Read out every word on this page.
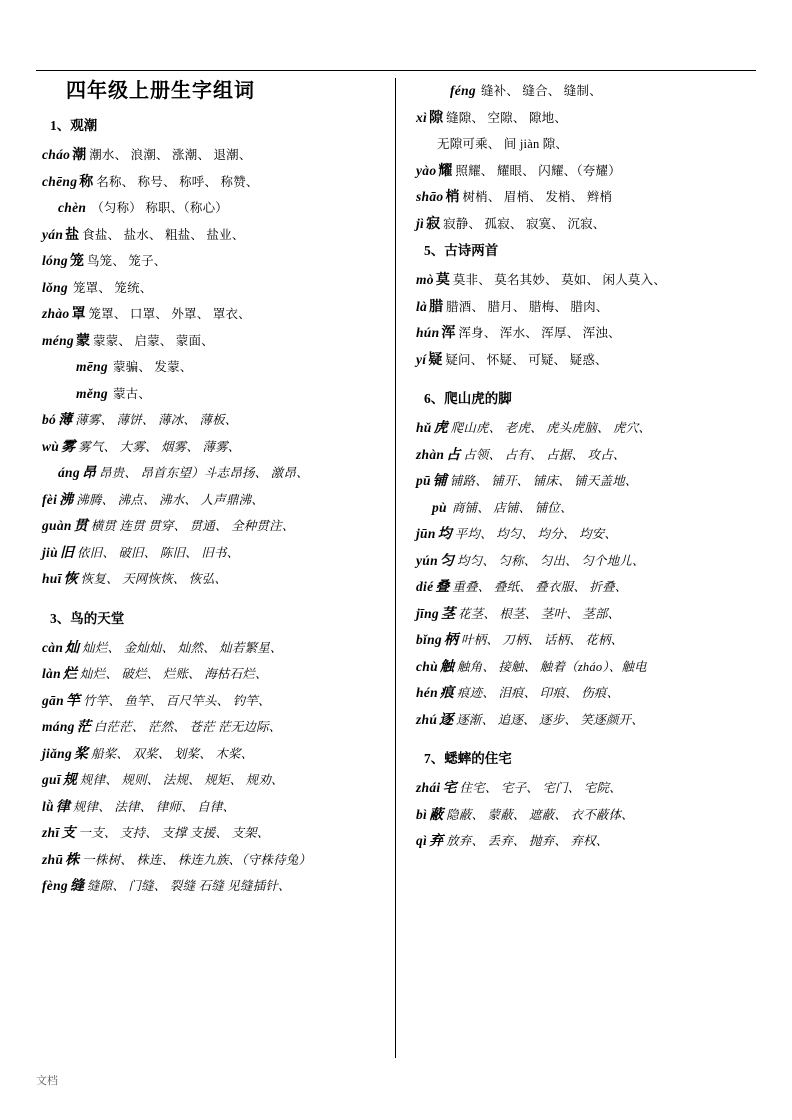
四年级上册生字组词
1、观潮
cháo 潮 潮水、 浪潮、 涨潮、 退潮、
chēng 称 名称、 称号、 称呼、 称赞、
chèn （匀称） 称职、（称心）
yán 盐 食盐、 盐水、 粗盐、 盐业、
lóng 笼 鸟笼、 笼子、
lǒng 笼罩、 笼统、
zhào 罩 笼罩、 口罩、 外罩、 罩衣、
méng 蒙 蒙蒙、 启蒙、 蒙面、
mēng 蒙骗、 发蒙、
měng 蒙古、
bó 薄 薄雾、 薄饼、 薄冰、 薄板、
wù 雾 雾气、 大雾、 烟雾、 薄雾、
áng 昂 昂贵、 昂首东望）斗志昂扬、 激昂、
fèi 沸 沸腾、 沸点、 沸水、 人声鼎沸、
guàn 贯 横贯 连贯 贯穿、 贯通、 全种贯注、
jiù 旧 依旧、 破旧、 陈旧、 旧书、
huī 恢 恢复、 天网恢恢、 恢弘、
3、鸟的天堂
càn 灿 灿烂、 金灿灿、 灿然、 灿若繁星、
làn 烂 灿烂、 破烂、 烂账、 海枯石烂、
gān 竿 竹竿、 鱼竿、 百尺竿头、 钓竿、
máng 茫 白茫茫、 茫然、 苍茫 茫无边际、
jiǎng 桨 船桨、 双桨、 划桨、 木桨、
guī 规 规律、 规则、 法规、 规矩、 规劝、
lǜ 律 规律、 法律、 律师、 自律、
zhī 支 一支、 支持、 支撑 支援、 支架、
zhū 株 一株树、 株连、 株连九族、（守株待兔）
fèng 缝 缝隙、 门缝、 裂缝 石缝 见缝插针、
féng 缝补、 缝合、 缝制、
xì 隙 缝隙、 空隙、 隙地、
无隙可乘、 间 jiàn 隙、
yào 耀 照耀、 耀眼、 闪耀、（夸耀）
shāo 梢 树梢、 眉梢、 发梢、 辫梢
jì 寂 寂静、 孤寂、 寂寞、 沉寂、
5、古诗两首
mò 莫 莫非、 莫名其妙、 莫如、 闲人莫入、
là 腊 腊酒、 腊月、 腊梅、 腊肉、
hún 浑 浑身、 浑水、 浑厚、 浑浊、
yí 疑 疑问、 怀疑、 可疑、 疑惑、
6、爬山虎的脚
hǔ 虎 爬山虎、 老虎、 虎头虎脑、 虎穴、
zhàn 占 占领、 占有、 占据、 攻占、
pū 铺 铺路、 铺开、 铺床、 铺天盖地、
pù 商铺、 店铺、 铺位、
jūn 均 平均、 均匀、 均分、 均安、
yún 匀 均匀、 匀称、 匀出、 匀个地儿、
dié 叠 重叠、 叠纸、 叠衣服、 折叠、
jīng 茎 花茎、 根茎、 茎叶、 茎部、
bǐng 柄 叶柄、 刀柄、 话柄、 花柄、
chù 触 触角、 接触、 触着（zháo）、触电
hén 痕 痕迹、 泪痕、 印痕、 伤痕、
zhú 逐 逐渐、 追逐、 逐步、 笑逐颜开、
7、蟋蟀的住宅
zhái 宅 住宅、 宅子、 宅门、 宅院、
bì 蔽 隐蔽、 蒙蔽、 遮蔽、 衣不蔽体、
qì 弃 放弃、 丢弃、 抛弃、 弃权、
文档
